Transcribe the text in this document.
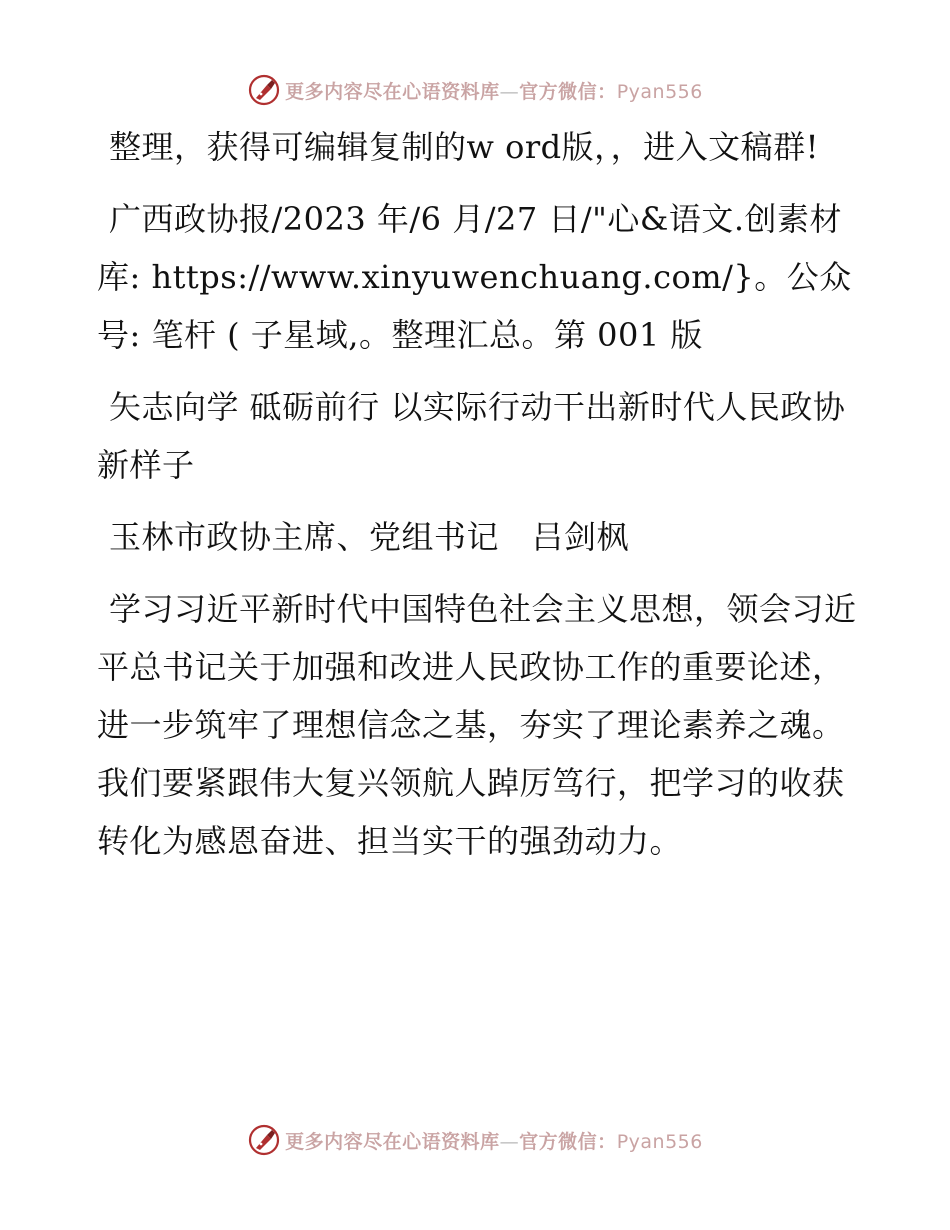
更多内容尽在心语资料库—官方微信：Pyan556

整理，获得可编辑复制的w ord版，，进入文稿群!

广西政协报/2023 年/6 月/27 日/"心&语文.创素材库: https://www.xinyuwenchuang.com/}。公众号: 笔杆 ( 子星域,。整理汇总。第 001 版

矢志向学 砥砺前行 以实际行动干出新时代人民政协新样子

玉林市政协主席、党组书记　吕剑枫

学习习近平新时代中国特色社会主义思想，领会习近平总书记关于加强和改进人民政协工作的重要论述，进一步筑牢了理想信念之基，夯实了理论素养之魂。我们要紧跟伟大复兴领航人踔厉笃行，把学习的收获转化为感恩奋进、担当实干的强劲动力。

更多内容尽在心语资料库—官方微信：Pyan556
